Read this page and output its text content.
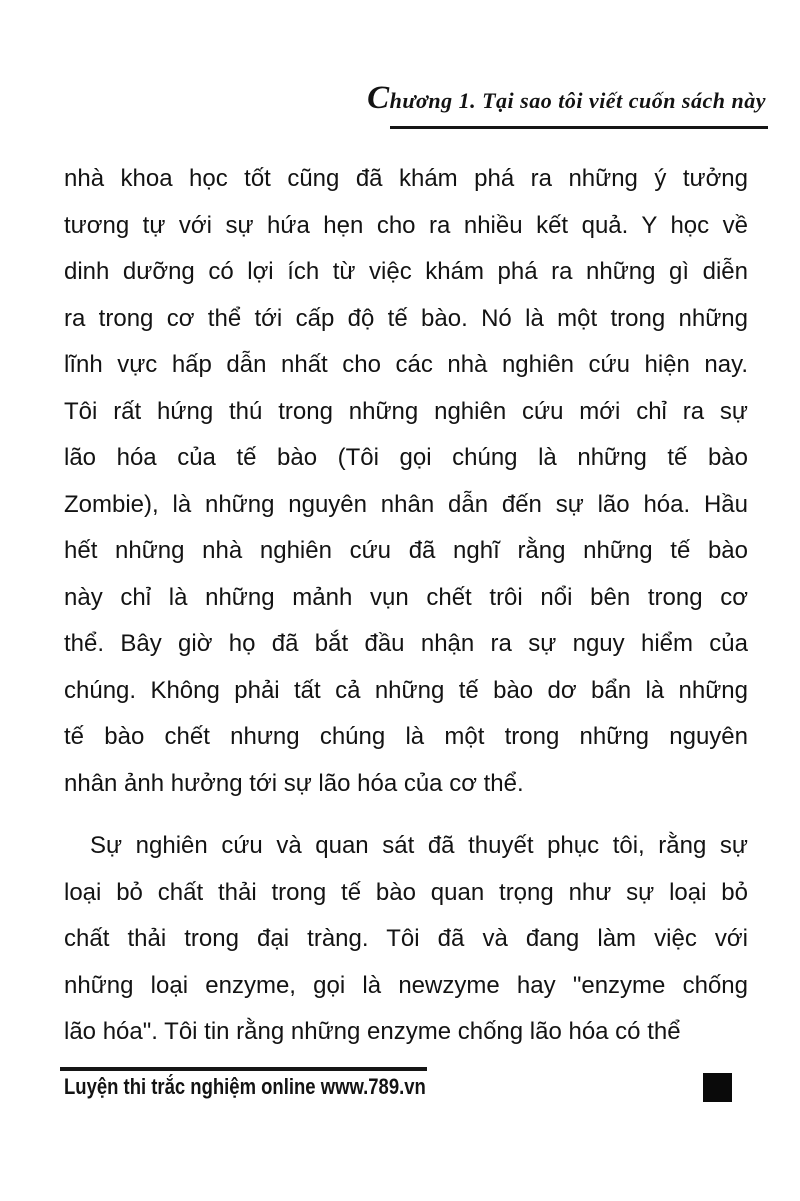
Chương 1. Tại sao tôi viết cuốn sách này
nhà khoa học tốt cũng đã khám phá ra những ý tưởng
tương tự với sự hứa hẹn cho ra nhiều kết quả. Y học về
dinh dưỡng có lợi ích từ việc khám phá ra những gì diễn
ra trong cơ thể tới cấp độ tế bào. Nó là một trong những
lĩnh vực hấp dẫn nhất cho các nhà nghiên cứu hiện nay.
Tôi rất hứng thú trong những nghiên cứu mới chỉ ra sự
lão hóa của tế bào (Tôi gọi chúng là những tế bào
Zombie), là những nguyên nhân dẫn đến sự lão hóa. Hầu
hết những nhà nghiên cứu đã nghĩ rằng những tế bào
này chỉ là những mảnh vụn chết trôi nổi bên trong cơ
thể. Bây giờ họ đã bắt đầu nhận ra sự nguy hiểm của
chúng. Không phải tất cả những tế bào dơ bẩn là những
tế bào chết nhưng chúng là một trong những nguyên
nhân ảnh hưởng tới sự lão hóa của cơ thể.
Sự nghiên cứu và quan sát đã thuyết phục tôi, rằng sự
loại bỏ chất thải trong tế bào quan trọng như sự loại bỏ
chất thải trong đại tràng. Tôi đã và đang làm việc với
những loại enzyme, gọi là newzyme hay "enzyme chống
lão hóa". Tôi tin rằng những enzyme chống lão hóa có thể
Luyện thi trắc nghiệm online www.789.vn
